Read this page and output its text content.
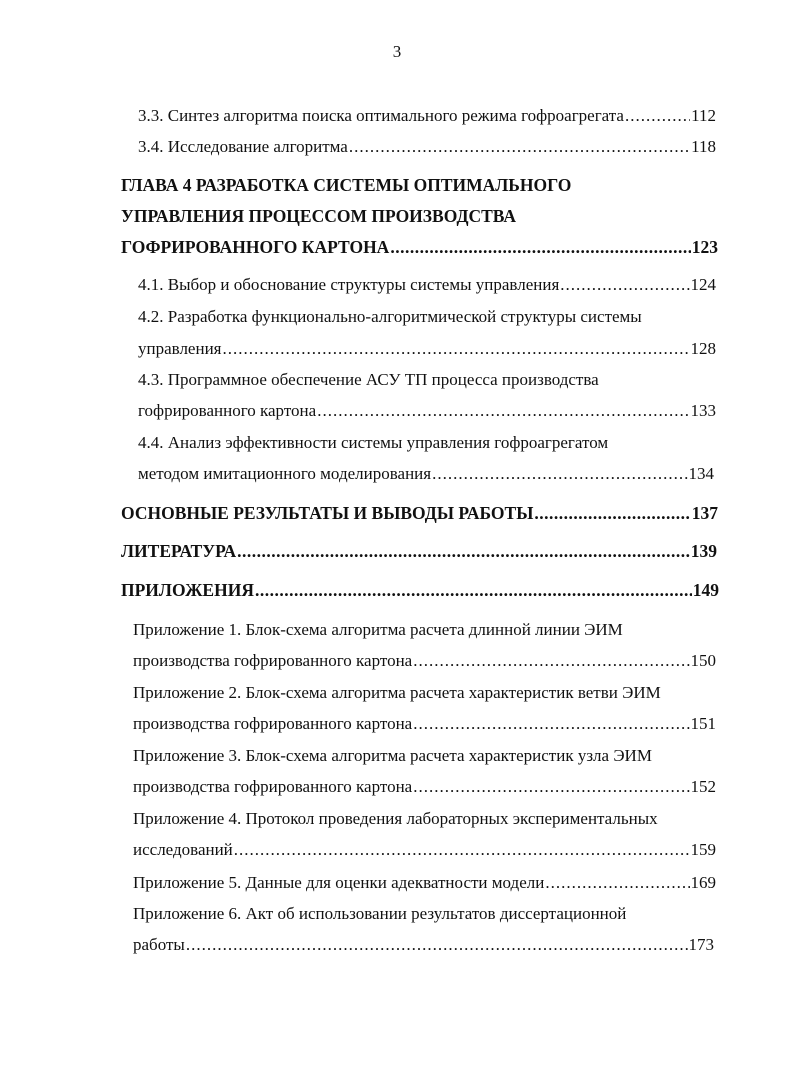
3
3.3. Синтез алгоритма поиска оптимального режима гофроагрегата .....	112
3.4. Исследование алгоритма .....	118
ГЛАВА 4 РАЗРАБОТКА СИСТЕМЫ ОПТИМАЛЬНОГО
УПРАВЛЕНИЯ ПРОЦЕССОМ ПРОИЗВОДСТВА
ГОФРИРОВАННОГО КАРТОНА .....	123
4.1. Выбор и обоснование структуры системы управления .....	124
4.2. Разработка функционально-алгоритмической структуры системы
управления .....	128
4.3. Программное обеспечение АСУ ТП процесса производства
гофрированного картона .....	133
4.4. Анализ эффективности системы управления гофроагрегатом
методом имитационного моделирования .....	134
ОСНОВНЫЕ РЕЗУЛЬТАТЫ И ВЫВОДЫ РАБОТЫ .....	137
ЛИТЕРАТУРА .....	139
ПРИЛОЖЕНИЯ .....	149
Приложение 1. Блок-схема алгоритма расчета длинной линии ЭИМ
производства гофрированного картона .....	150
Приложение 2. Блок-схема алгоритма расчета характеристик ветви ЭИМ
производства гофрированного картона .....	151
Приложение 3. Блок-схема алгоритма расчета характеристик узла ЭИМ
производства гофрированного картона .....	152
Приложение 4. Протокол проведения лабораторных экспериментальных
исследований .....	159
Приложение 5. Данные для оценки адекватности модели .....	169
Приложение 6. Акт об использовании результатов диссертационной
работы .....	173
